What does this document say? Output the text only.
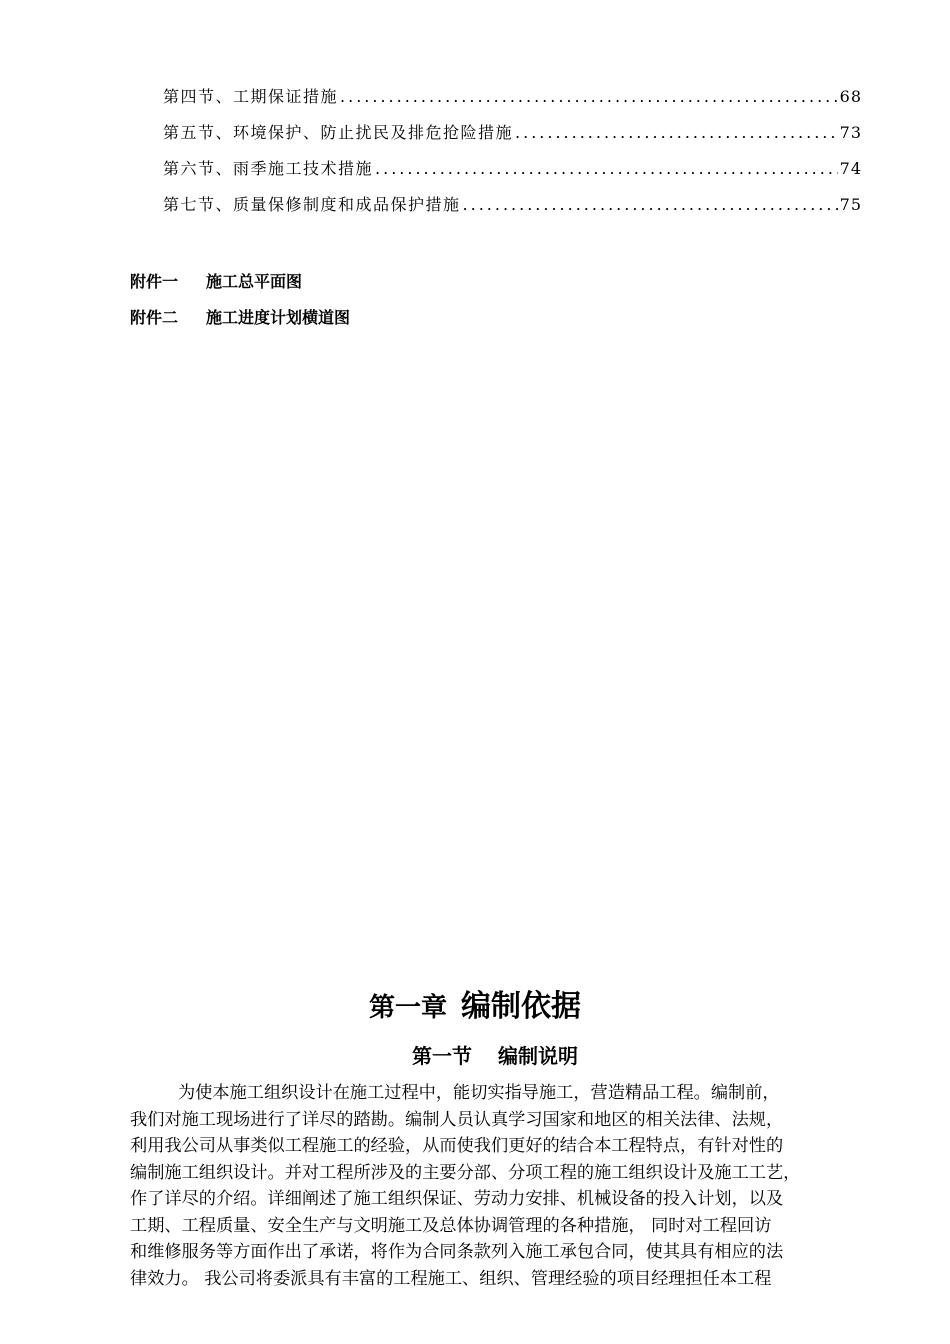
第四节、工期保证措施 .....	68
第五节、环境保护、防止扰民及排危抢险措施 .....	73
第六节、雨季施工技术措施 .....	74
第七节、质量保修制度和成品保护措施 .....	75
附件一	施工总平面图
附件二	施工进度计划横道图
第一章 编制依据
第一节 编制说明
为使本施工组织设计在施工过程中，能切实指导施工，营造精品工程。编制前，
我们对施工现场进行了详尽的踏勘。编制人员认真学习国家和地区的相关法律、法规，
利用我公司从事类似工程施工的经验，从而使我们更好的结合本工程特点，有针对性的
编制施工组织设计。并对工程所涉及的主要分部、分项工程的施工组织设计及施工工艺，
作了详尽的介绍。详细阐述了施工组织保证、劳动力安排、机械设备的投入计划，以及
工期、工程质量、安全生产与文明施工及总体协调管理的各种措施， 同时对工程回访
和维修服务等方面作出了承诺，将作为合同条款列入施工承包合同，使其具有相应的法
律效力。 我公司将委派具有丰富的工程施工、组织、管理经验的项目经理担任本工程
